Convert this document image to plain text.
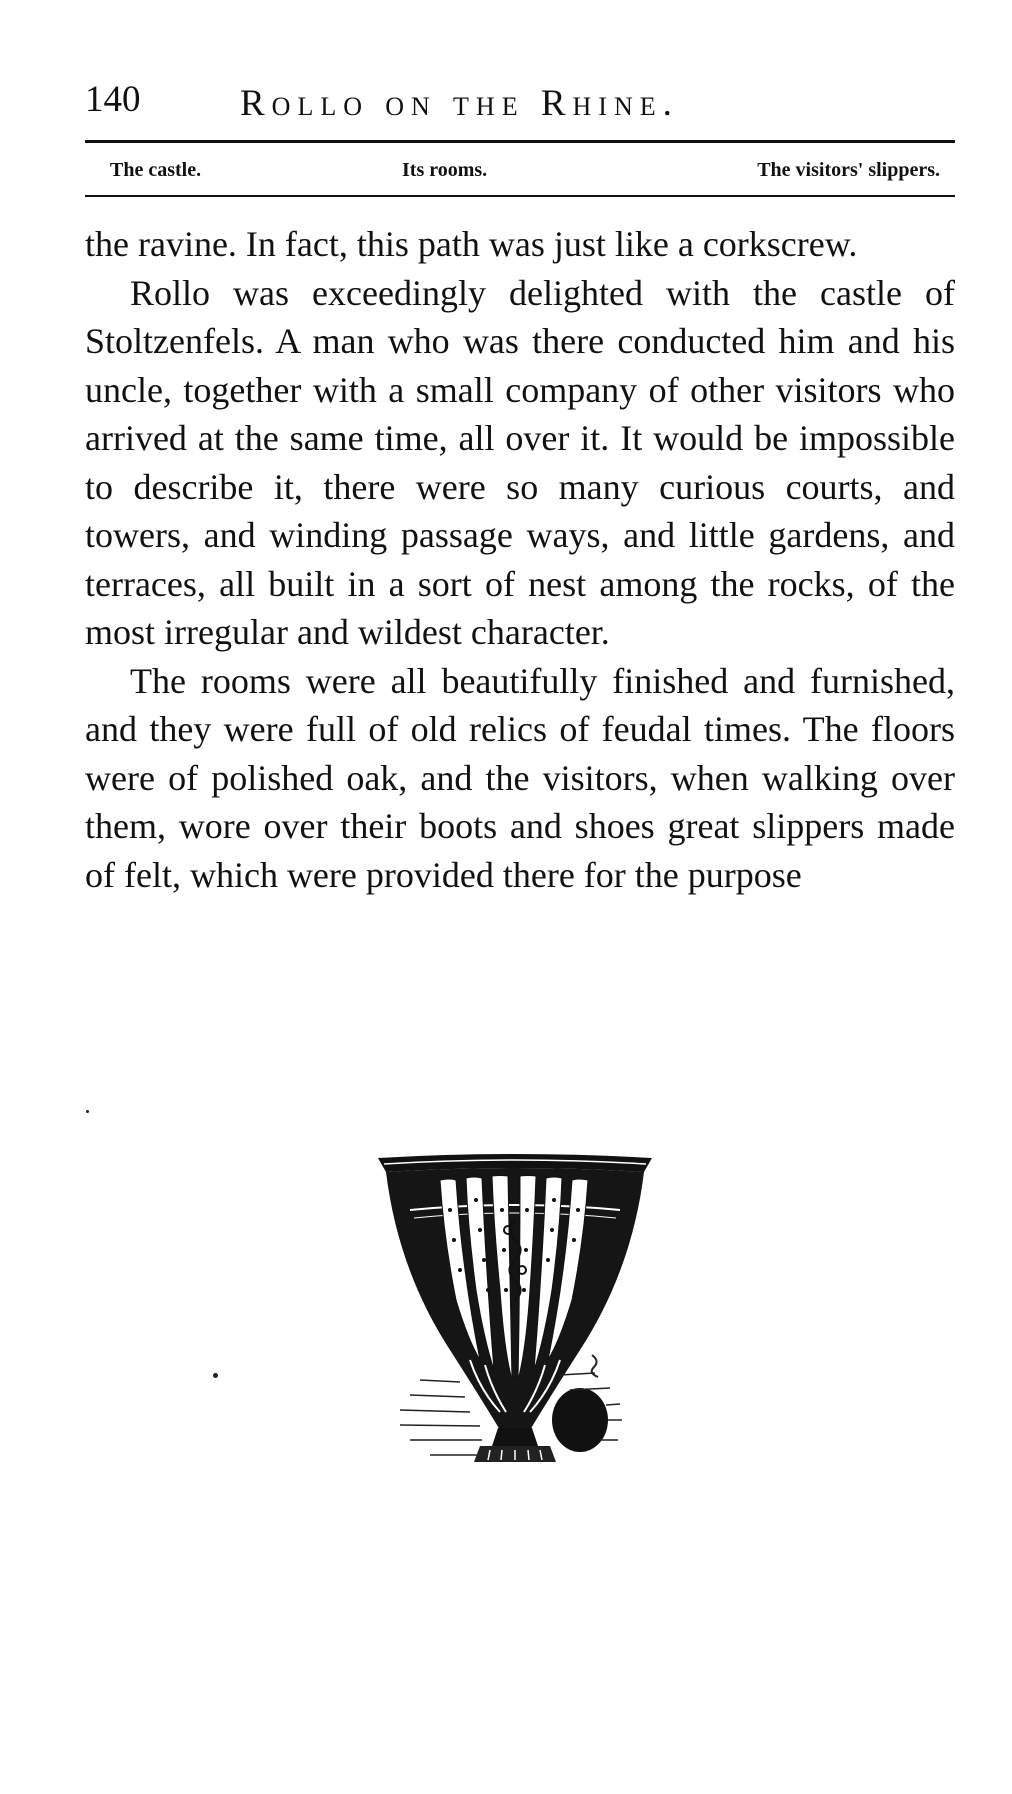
140	Rollo on the Rhine.
The castle.	Its rooms.	The visitors' slippers.

the ravine. In fact, this path was just like a corkscrew.

Rollo was exceedingly delighted with the castle of Stoltzenfels. A man who was there conducted him and his uncle, together with a small company of other visitors who arrived at the same time, all over it. It would be impossible to describe it, there were so many curious courts, and towers, and winding passage ways, and little gardens, and terraces, all built in a sort of nest among the rocks, of the most irregular and wildest character.

The rooms were all beautifully finished and furnished, and they were full of old relics of feudal times. The floors were of polished oak, and the visitors, when walking over them, wore over their boots and shoes great slippers made of felt, which were provided there for the purpose
